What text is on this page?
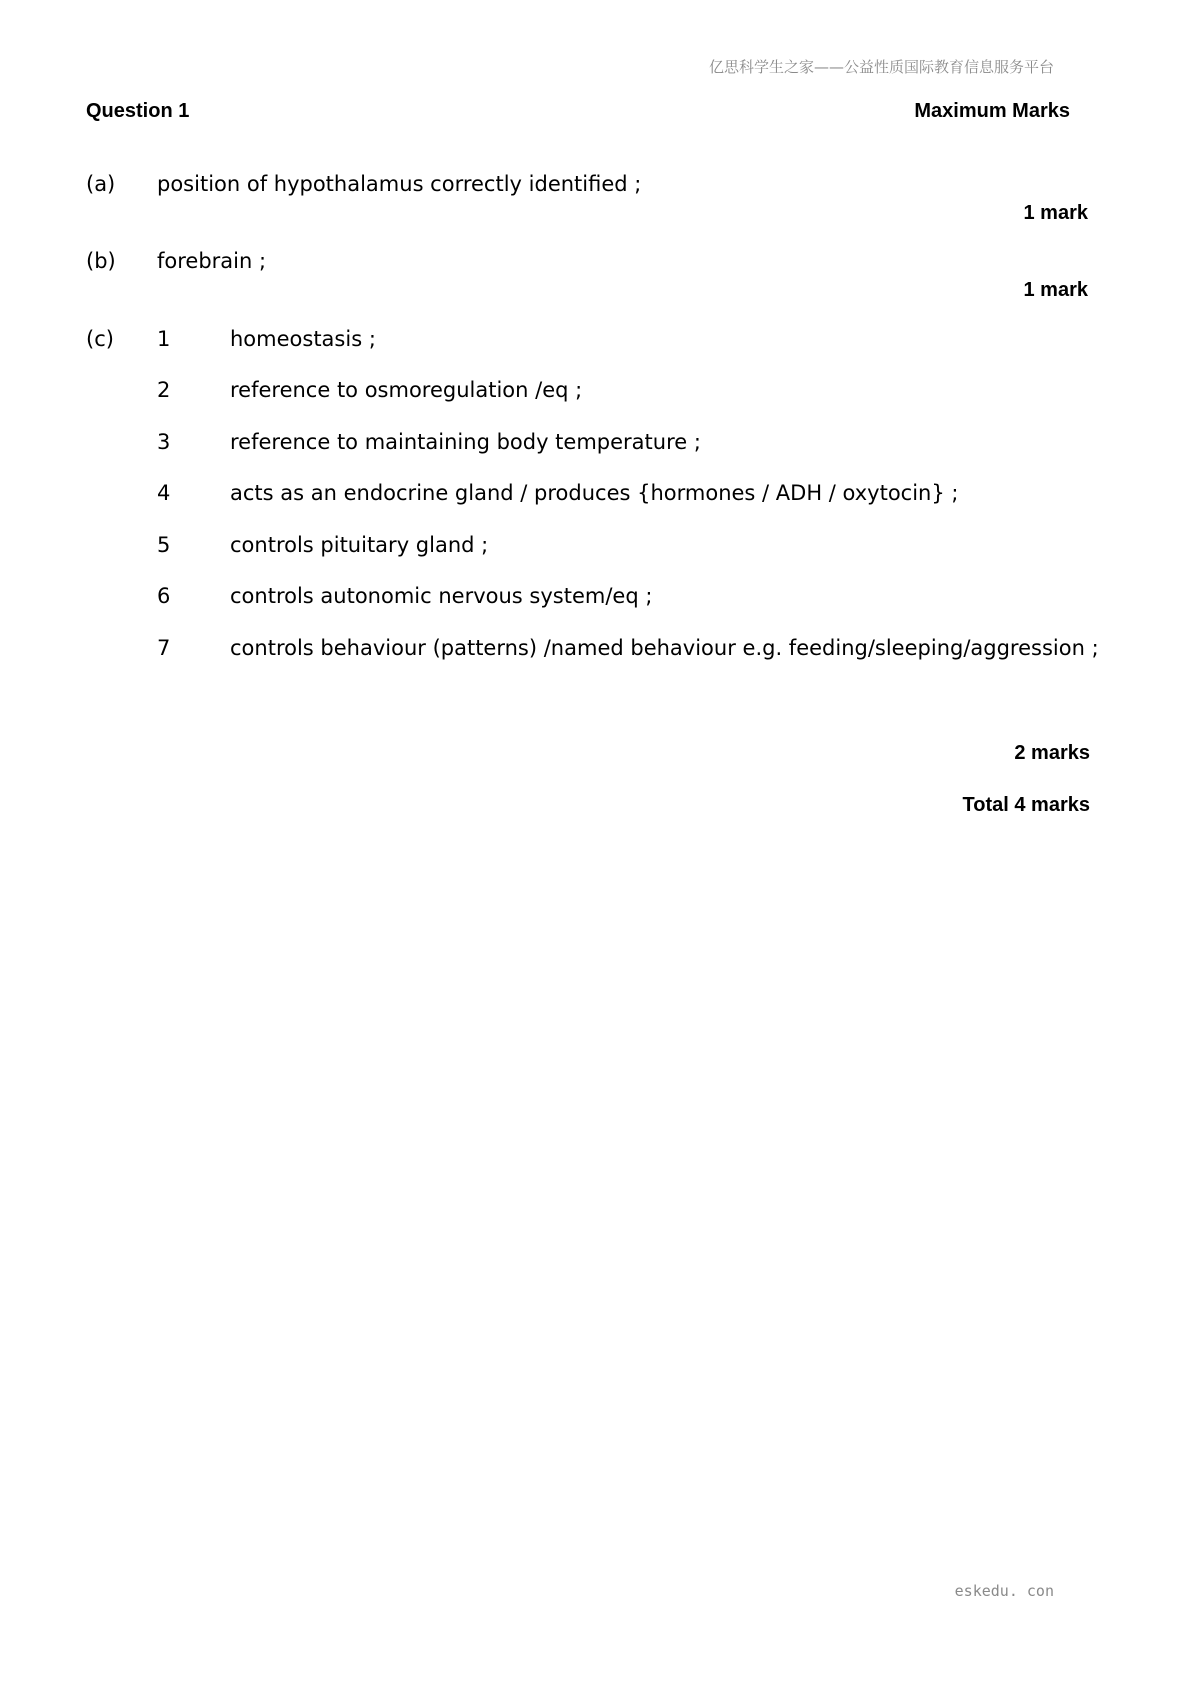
亿思科学生之家——公益性质国际教育信息服务平台
Question 1	Maximum Marks
(a) position of hypothalamus correctly identified ;
1 mark
(b) forebrain ;
1 mark
(c) 1	homeostasis ;
2	reference to osmoregulation /eq ;
3	reference to maintaining body temperature ;
4	acts as an endocrine gland / produces {hormones / ADH / oxytocin} ;
5	controls pituitary gland ;
6	controls autonomic nervous system/eq ;
7	controls behaviour (patterns) /named behaviour e.g. feeding/sleeping/aggression ;
2 marks
Total 4 marks
eskedu. con
